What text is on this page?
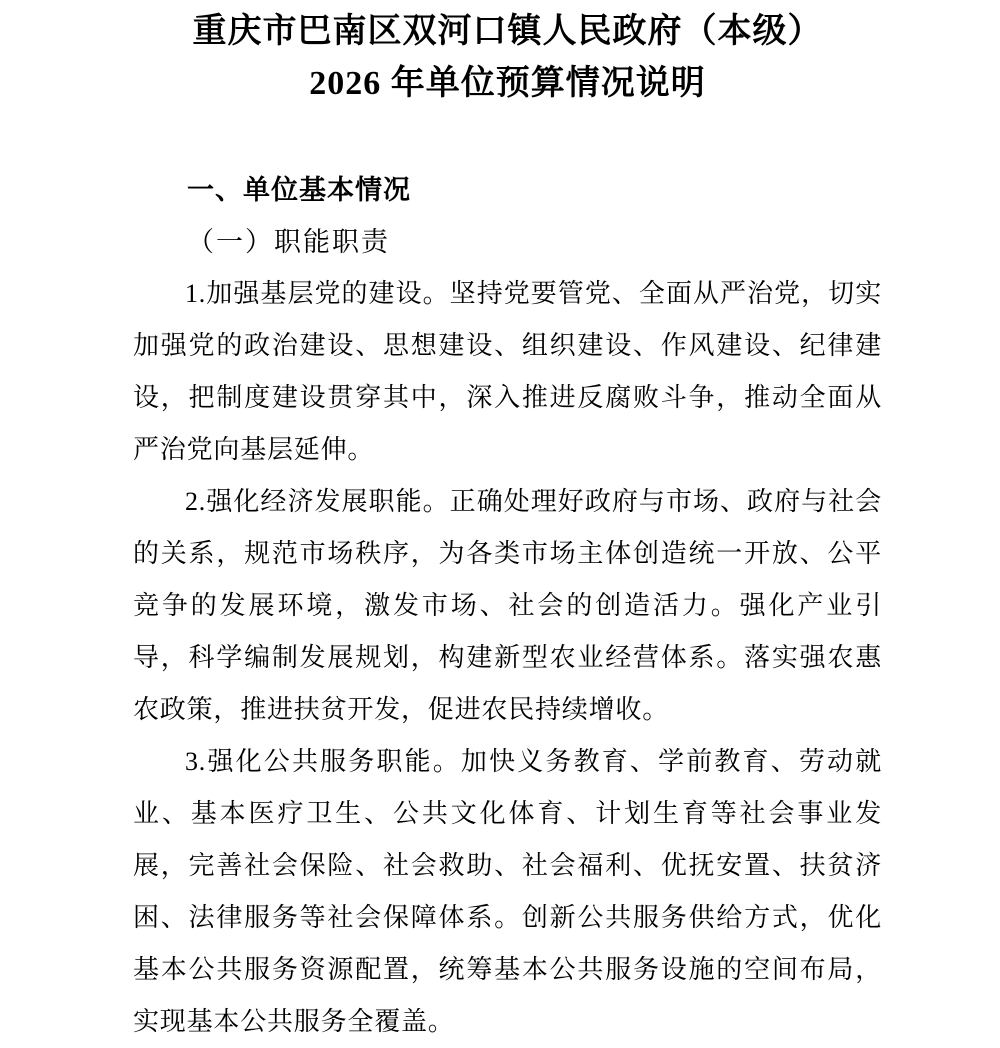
重庆市巴南区双河口镇人民政府（本级）
2026 年单位预算情况说明
一、单位基本情况
（一）职能职责

1.加强基层党的建设。坚持党要管党、全面从严治党，切实加强党的政治建设、思想建设、组织建设、作风建设、纪律建设，把制度建设贯穿其中，深入推进反腐败斗争，推动全面从严治党向基层延伸。

2.强化经济发展职能。正确处理好政府与市场、政府与社会的关系，规范市场秩序，为各类市场主体创造统一开放、公平竞争的发展环境，激发市场、社会的创造活力。强化产业引导，科学编制发展规划，构建新型农业经营体系。落实强农惠农政策，推进扶贫开发，促进农民持续增收。

3.强化公共服务职能。加快义务教育、学前教育、劳动就业、基本医疗卫生、公共文化体育、计划生育等社会事业发展，完善社会保险、社会救助、社会福利、优抚安置、扶贫济困、法律服务等社会保障体系。创新公共服务供给方式，优化基本公共服务资源配置，统筹基本公共服务设施的空间布局，实现基本公共服务全覆盖。
